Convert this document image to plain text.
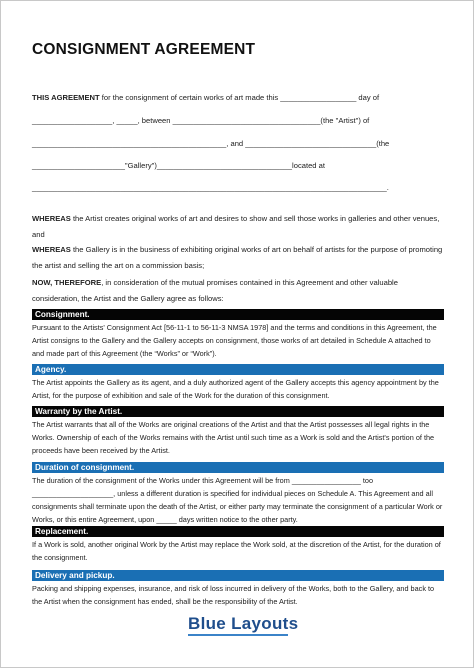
CONSIGNMENT AGREEMENT
THIS AGREEMENT for the consignment of certain works of art made this __________________ day of
___________________, _____, between ___________________________________(the "Artist") of
______________________________________________, and _______________________________(the
______________________"Gallery")________________________________located at
____________________________________________________________________________________.
WHEREAS the Artist creates original works of art and desires to show and sell those works in galleries and other venues, and
WHEREAS the Gallery is in the business of exhibiting original works of art on behalf of artists for the purpose of promoting the artist and selling the art on a commission basis;
NOW, THEREFORE, in consideration of the mutual promises contained in this Agreement and other valuable consideration, the Artist and the Gallery agree as follows:
Consignment.
Pursuant to the Artists' Consignment Act [56-11-1 to 56-11-3 NMSA 1978] and the terms and conditions in this Agreement, the Artist consigns to the Gallery and the Gallery accepts on consignment, those works of art detailed in Schedule A attached to and made part of this Agreement (the “Works” or “Work”).
Agency.
The Artist appoints the Gallery as its agent, and a duly authorized agent of the Gallery accepts this agency appointment by the Artist, for the purpose of exhibition and sale of the Work for the duration of this consignment.
Warranty by the Artist.
The Artist warrants that all of the Works are original creations of the Artist and that the Artist possesses all legal rights in the Works. Ownership of each of the Works remains with the Artist until such time as a Work is sold and the Artist's portion of the proceeds have been received by the Artist.
Duration of consignment.
The duration of the consignment of the Works under this Agreement will be from _________________ too ____________________, unless a different duration is specified for individual pieces on Schedule A. This Agreement and all consignments shall terminate upon the death of the Artist, or either party may terminate the consignment of a particular Work or Works, or this entire Agreement, upon _____ days written notice to the other party.
Replacement.
If a Work is sold, another original Work by the Artist may replace the Work sold, at the discretion of the Artist, for the duration of the consignment.
Delivery and pickup.
Packing and shipping expenses, insurance, and risk of loss incurred in delivery of the Works, both to the Gallery, and back to the Artist when the consignment has ended, shall be the responsibility of the Artist.
Blue Layouts
